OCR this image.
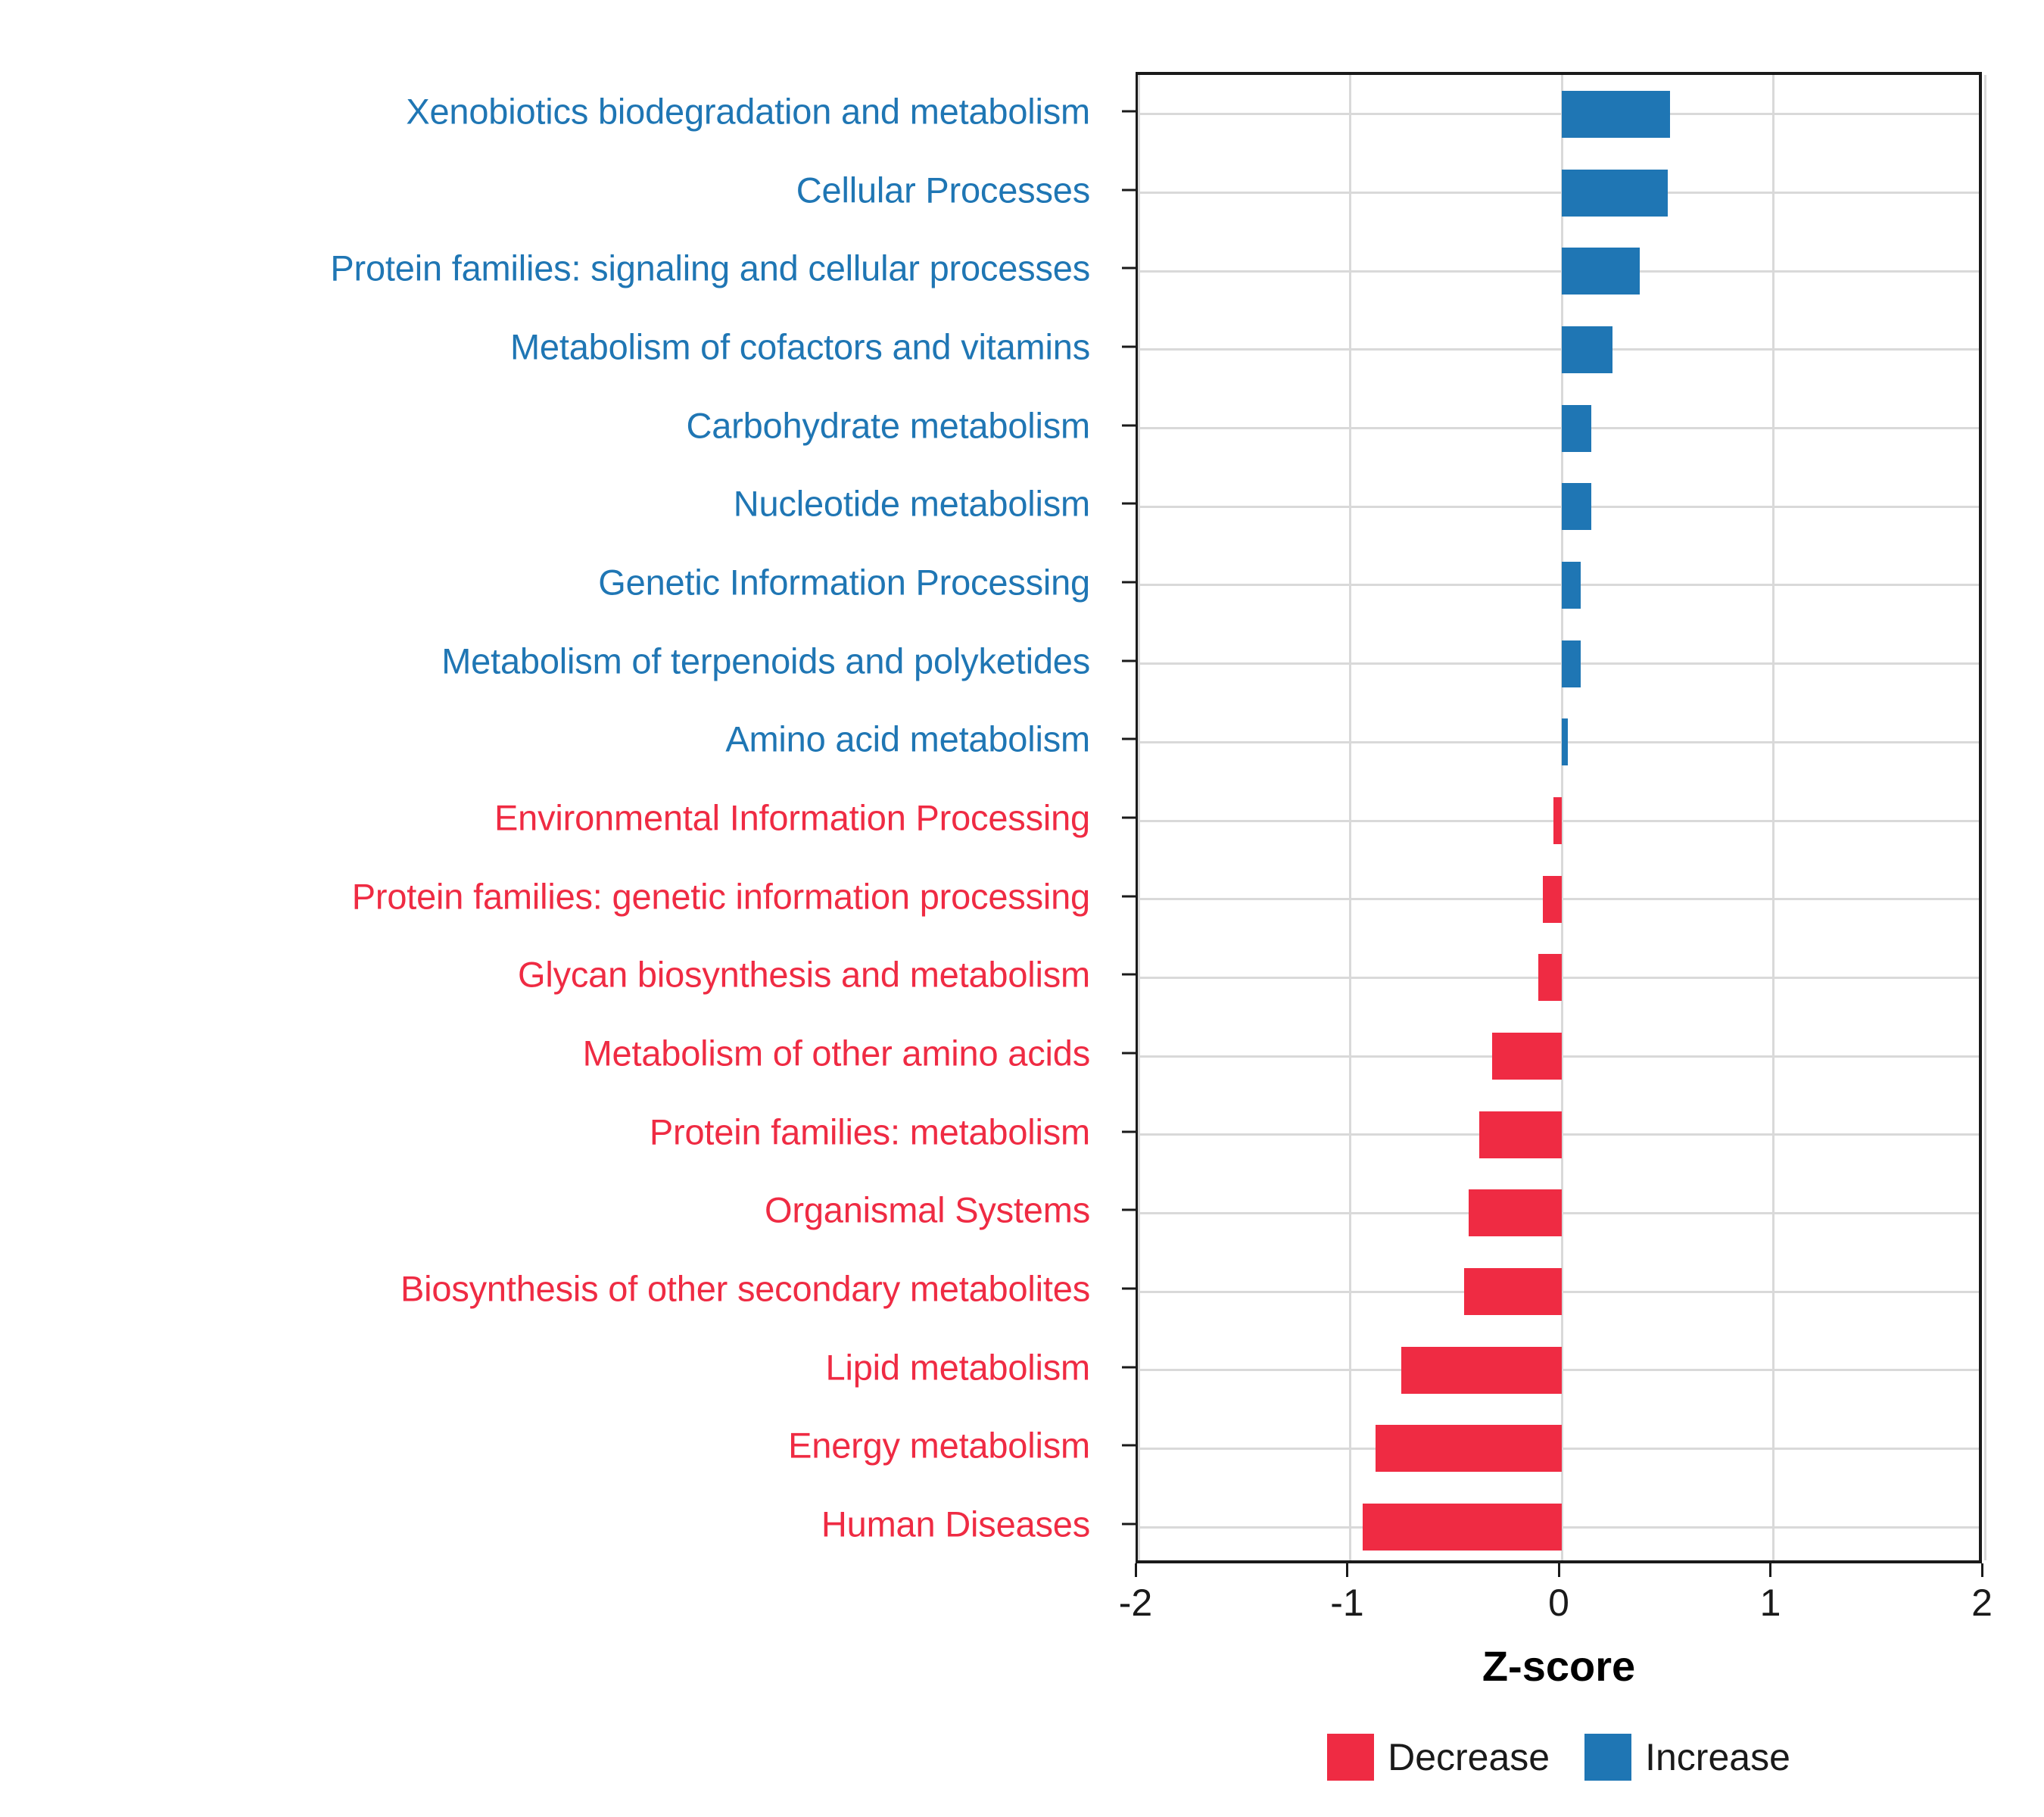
Xenobiotics biodegradation and metabolism
Cellular Processes
Protein families: signaling and cellular processes
Metabolism of cofactors and vitamins
Carbohydrate metabolism
Nucleotide metabolism
Genetic Information Processing
Metabolism of terpenoids and polyketides
Amino acid metabolism
Environmental Information Processing
Protein families: genetic information processing
Glycan biosynthesis and metabolism
Metabolism of other amino acids
Protein families: metabolism
Organismal Systems
Biosynthesis of other secondary metabolites
Lipid metabolism
Energy metabolism
Human Diseases
-2	-1	0	1	2
Z-score
Decrease	Increase
